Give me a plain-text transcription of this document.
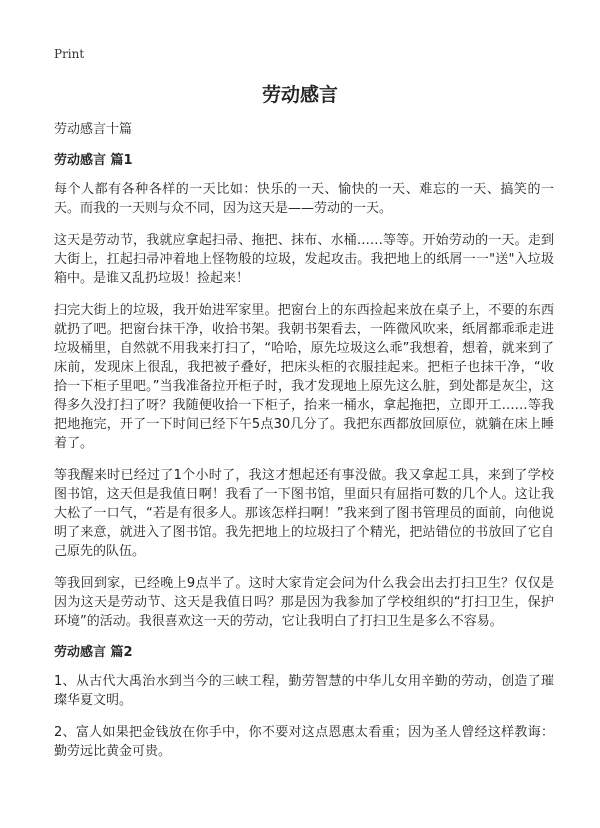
Print
劳动感言

劳动感言十篇

劳动感言 篇1

每个人都有各种各样的一天比如：快乐的一天、愉快的一天、难忘的一天、搞笑的一天。而我的一天则与众不同，因为这天是——劳动的一天。

这天是劳动节，我就应拿起扫帚、拖把、抹布、水桶……等等。开始劳动的一天。走到大街上，扛起扫帚冲着地上怪物般的垃圾，发起攻击。我把地上的纸屑一一"送"入垃圾箱中。是谁又乱扔垃圾！捡起来！

扫完大街上的垃圾，我开始进军家里。把窗台上的东西捡起来放在桌子上，不要的东西就扔了吧。把窗台抹干净，收拾书架。我朝书架看去，一阵微风吹来，纸屑都乖乖走进垃圾桶里，自然就不用我来打扫了，“哈哈，原先垃圾这么乖”我想着，想着，就来到了床前，发现床上很乱，我把被子叠好，把床头柜的衣服挂起来。把柜子也抹干净，“收拾一下柜子里吧。”当我准备拉开柜子时，我才发现地上原先这么脏，到处都是灰尘，这得多久没打扫了呀？我随便收拾一下柜子，抬来一桶水，拿起拖把，立即开工……等我把地拖完，开了一下时间已经下午5点30几分了。我把东西都放回原位，就躺在床上睡着了。

等我醒来时已经过了1个小时了，我这才想起还有事没做。我又拿起工具，来到了学校图书馆，这天但是我值日啊！我看了一下图书馆，里面只有屈指可数的几个人。这让我大松了一口气，“若是有很多人。那该怎样扫啊！”我来到了图书管理员的面前，向他说明了来意，就进入了图书馆。我先把地上的垃圾扫了个精光，把站错位的书放回了它自己原先的队伍。

等我回到家，已经晚上9点半了。这时大家肯定会问为什么我会出去打扫卫生？仅仅是因为这天是劳动节、这天是我值日吗？那是因为我参加了学校组织的“打扫卫生，保护环境”的活动。我很喜欢这一天的劳动，它让我明白了打扫卫生是多么不容易。

劳动感言 篇2

1、从古代大禹治水到当今的三峡工程，勤劳智慧的中华儿女用辛勤的劳动，创造了璀璨华夏文明。

2、富人如果把金钱放在你手中，你不要对这点恩惠太看重；因为圣人曾经这样教诲：勤劳远比黄金可贵。
